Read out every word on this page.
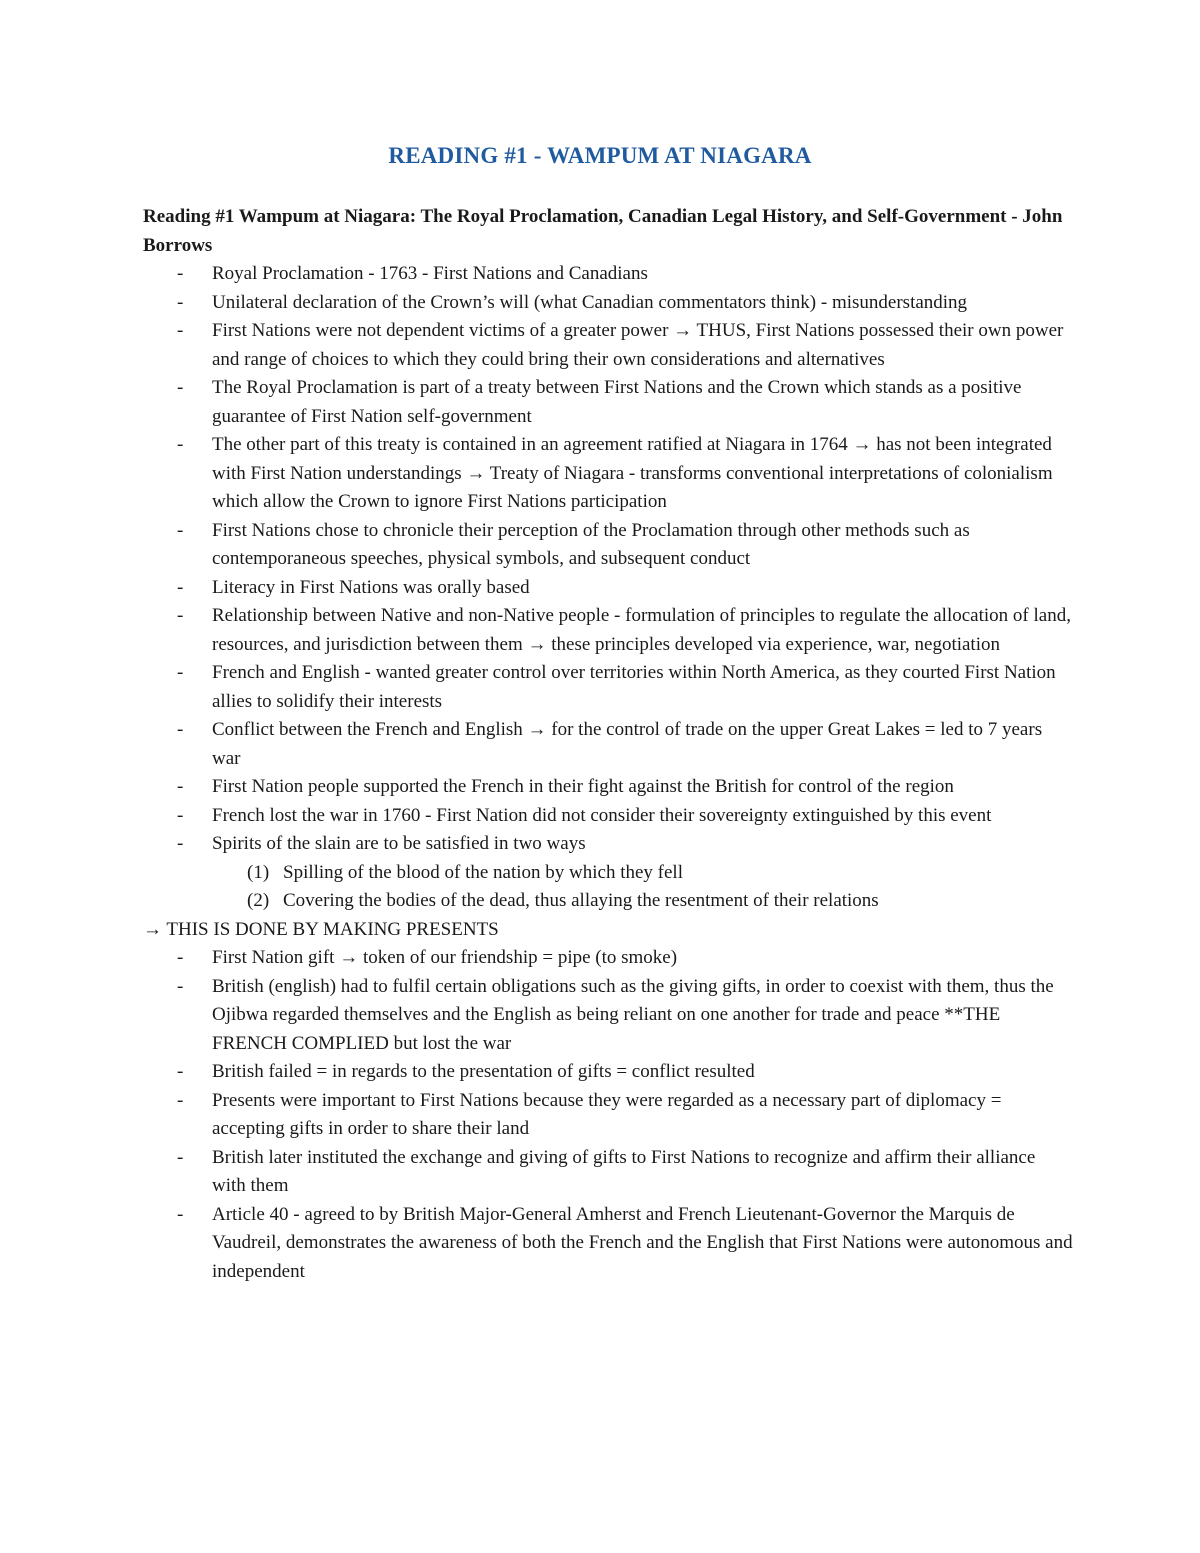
READING #1 - WAMPUM AT NIAGARA

Reading #1 Wampum at Niagara: The Royal Proclamation, Canadian Legal History, and Self-Government - John Borrows

- Royal Proclamation - 1763 - First Nations and Canadians
- Unilateral declaration of the Crown’s will (what Canadian commentators think) - misunderstanding
- First Nations were not dependent victims of a greater power → THUS, First Nations possessed their own power and range of choices to which they could bring their own considerations and alternatives
- The Royal Proclamation is part of a treaty between First Nations and the Crown which stands as a positive guarantee of First Nation self-government
- The other part of this treaty is contained in an agreement ratified at Niagara in 1764 → has not been integrated with First Nation understandings → Treaty of Niagara - transforms conventional interpretations of colonialism which allow the Crown to ignore First Nations participation
- First Nations chose to chronicle their perception of the Proclamation through other methods such as contemporaneous speeches, physical symbols, and subsequent conduct
- Literacy in First Nations was orally based
- Relationship between Native and non-Native people - formulation of principles to regulate the allocation of land, resources, and jurisdiction between them → these principles developed via experience, war, negotiation
- French and English - wanted greater control over territories within North America, as they courted First Nation allies to solidify their interests
- Conflict between the French and English → for the control of trade on the upper Great Lakes = led to 7 years war
- First Nation people supported the French in their fight against the British for control of the region
- French lost the war in 1760 - First Nation did not consider their sovereignty extinguished by this event
- Spirits of the slain are to be satisfied in two ways
(1) Spilling of the blood of the nation by which they fell
(2) Covering the bodies of the dead, thus allaying the resentment of their relations

→ THIS IS DONE BY MAKING PRESENTS

- First Nation gift → token of our friendship = pipe (to smoke)
- British (english) had to fulfil certain obligations such as the giving gifts, in order to coexist with them, thus the Ojibwa regarded themselves and the English as being reliant on one another for trade and peace **THE FRENCH COMPLIED but lost the war
- British failed = in regards to the presentation of gifts = conflict resulted
- Presents were important to First Nations because they were regarded as a necessary part of diplomacy = accepting gifts in order to share their land
- British later instituted the exchange and giving of gifts to First Nations to recognize and affirm their alliance with them
- Article 40 - agreed to by British Major-General Amherst and French Lieutenant-Governor the Marquis de Vaudreil, demonstrates the awareness of both the French and the English that First Nations were autonomous and independent
